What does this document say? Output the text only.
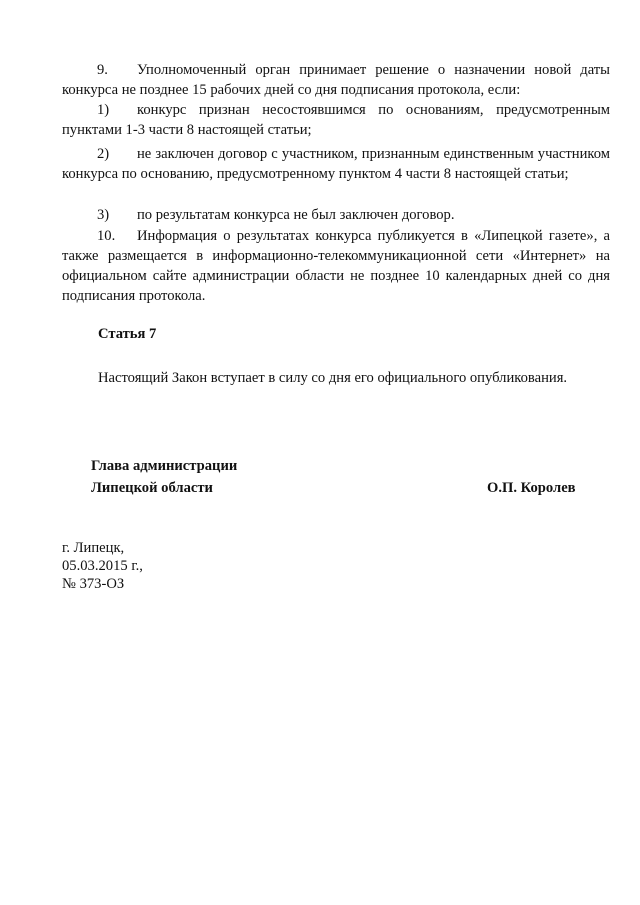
9. Уполномоченный орган принимает решение о назначении новой даты конкурса не позднее 15 рабочих дней со дня подписания протокола, если:

1) конкурс признан несостоявшимся по основаниям, предусмотренным пунктами 1-3 части 8 настоящей статьи;

2) не заключен договор с участником, признанным единственным участником конкурса по основанию, предусмотренному пунктом 4 части 8 настоящей статьи;

3) по результатам конкурса не был заключен договор.

10. Информация о результатах конкурса публикуется в «Липецкой газете», а также размещается в информационно-телекоммуникационной сети «Интернет» на официальном сайте администрации области не позднее 10 календарных дней со дня подписания протокола.

Статья 7

Настоящий Закон вступает в силу со дня его официального опубликования.

Глава администрации

Липецкой области	О.П. Королев

г. Липецк,

05.03.2015 г.,

№ 373-ОЗ
